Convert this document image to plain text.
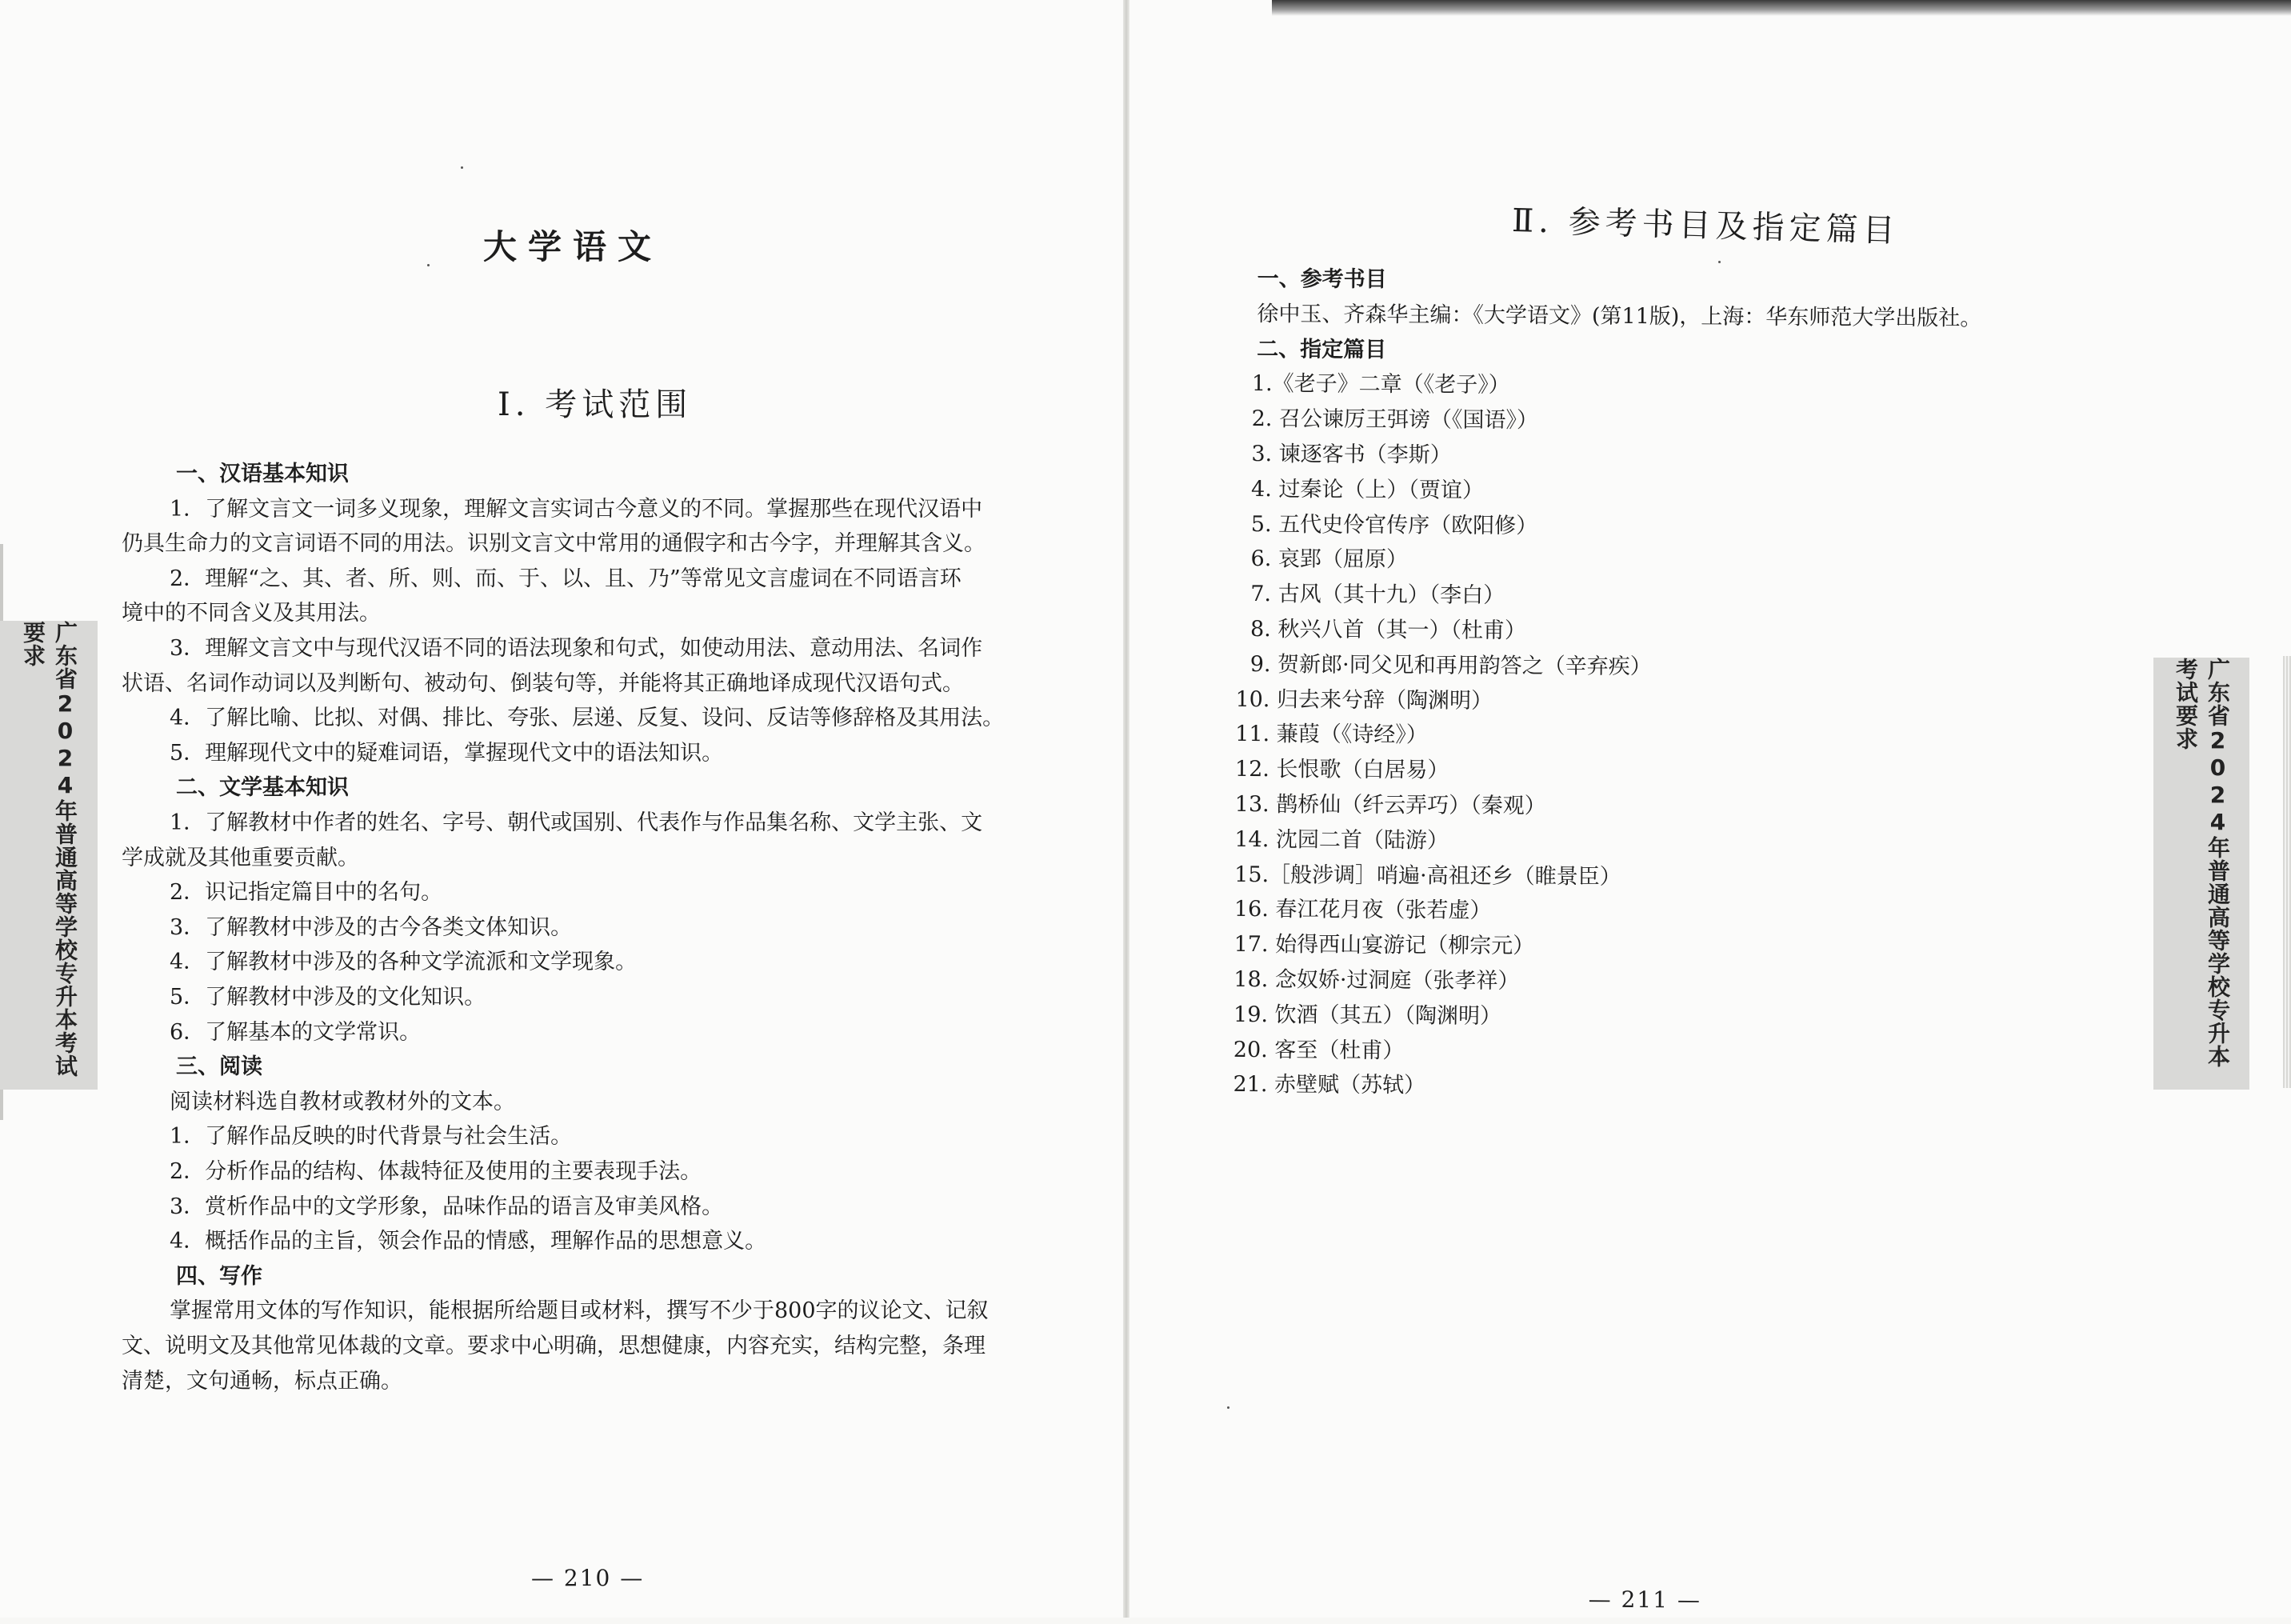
广东省2024年普通高等学校专升本考试要求
大学语文
Ⅰ. 考试范围
一、汉语基本知识
1．了解文言文一词多义现象，理解文言实词古今意义的不同。掌握那些在现代汉语中
仍具生命力的文言词语不同的用法。识别文言文中常用的通假字和古今字，并理解其含义。
2．理解“之、其、者、所、则、而、于、以、且、乃”等常见文言虚词在不同语言环
境中的不同含义及其用法。
3．理解文言文中与现代汉语不同的语法现象和句式，如使动用法、意动用法、名词作
状语、名词作动词以及判断句、被动句、倒装句等，并能将其正确地译成现代汉语句式。
4．了解比喻、比拟、对偶、排比、夸张、层递、反复、设问、反诘等修辞格及其用法。
5．理解现代文中的疑难词语，掌握现代文中的语法知识。
二、文学基本知识
1．了解教材中作者的姓名、字号、朝代或国别、代表作与作品集名称、文学主张、文
学成就及其他重要贡献。
2．识记指定篇目中的名句。
3．了解教材中涉及的古今各类文体知识。
4．了解教材中涉及的各种文学流派和文学现象。
5．了解教材中涉及的文化知识。
6．了解基本的文学常识。
三、阅读
阅读材料选自教材或教材外的文本。
1．了解作品反映的时代背景与社会生活。
2．分析作品的结构、体裁特征及使用的主要表现手法。
3．赏析作品中的文学形象，品味作品的语言及审美风格。
4．概括作品的主旨，领会作品的情感，理解作品的思想意义。
四、写作
掌握常用文体的写作知识，能根据所给题目或材料，撰写不少于800字的议论文、记叙
文、说明文及其他常见体裁的文章。要求中心明确，思想健康，内容充实，结构完整，条理
清楚，文句通畅，标点正确。
— 210 —
Ⅱ. 参考书目及指定篇目
一、参考书目
徐中玉、齐森华主编：《大学语文》(第11版)，上海：华东师范大学出版社。
二、指定篇目
1.《老子》二章（《老子》）
2. 召公谏厉王弭谤（《国语》）
3. 谏逐客书（李斯）
4. 过秦论（上）（贾谊）
5. 五代史伶官传序（欧阳修）
6. 哀郢（屈原）
7. 古风（其十九）（李白）
8. 秋兴八首（其一）（杜甫）
9. 贺新郎·同父见和再用韵答之（辛弃疾）
10. 归去来兮辞（陶渊明）
11. 蒹葭（《诗经》）
12. 长恨歌（白居易）
13. 鹊桥仙（纤云弄巧）（秦观）
14. 沈园二首（陆游）
15.［般涉调］哨遍·高祖还乡（睢景臣）
16. 春江花月夜（张若虚）
17. 始得西山宴游记（柳宗元）
18. 念奴娇·过洞庭（张孝祥）
19. 饮酒（其五）（陶渊明）
20. 客至（杜甫）
21. 赤壁赋（苏轼）
— 211 —
广东省2024年普通高等学校专升本考试要求
